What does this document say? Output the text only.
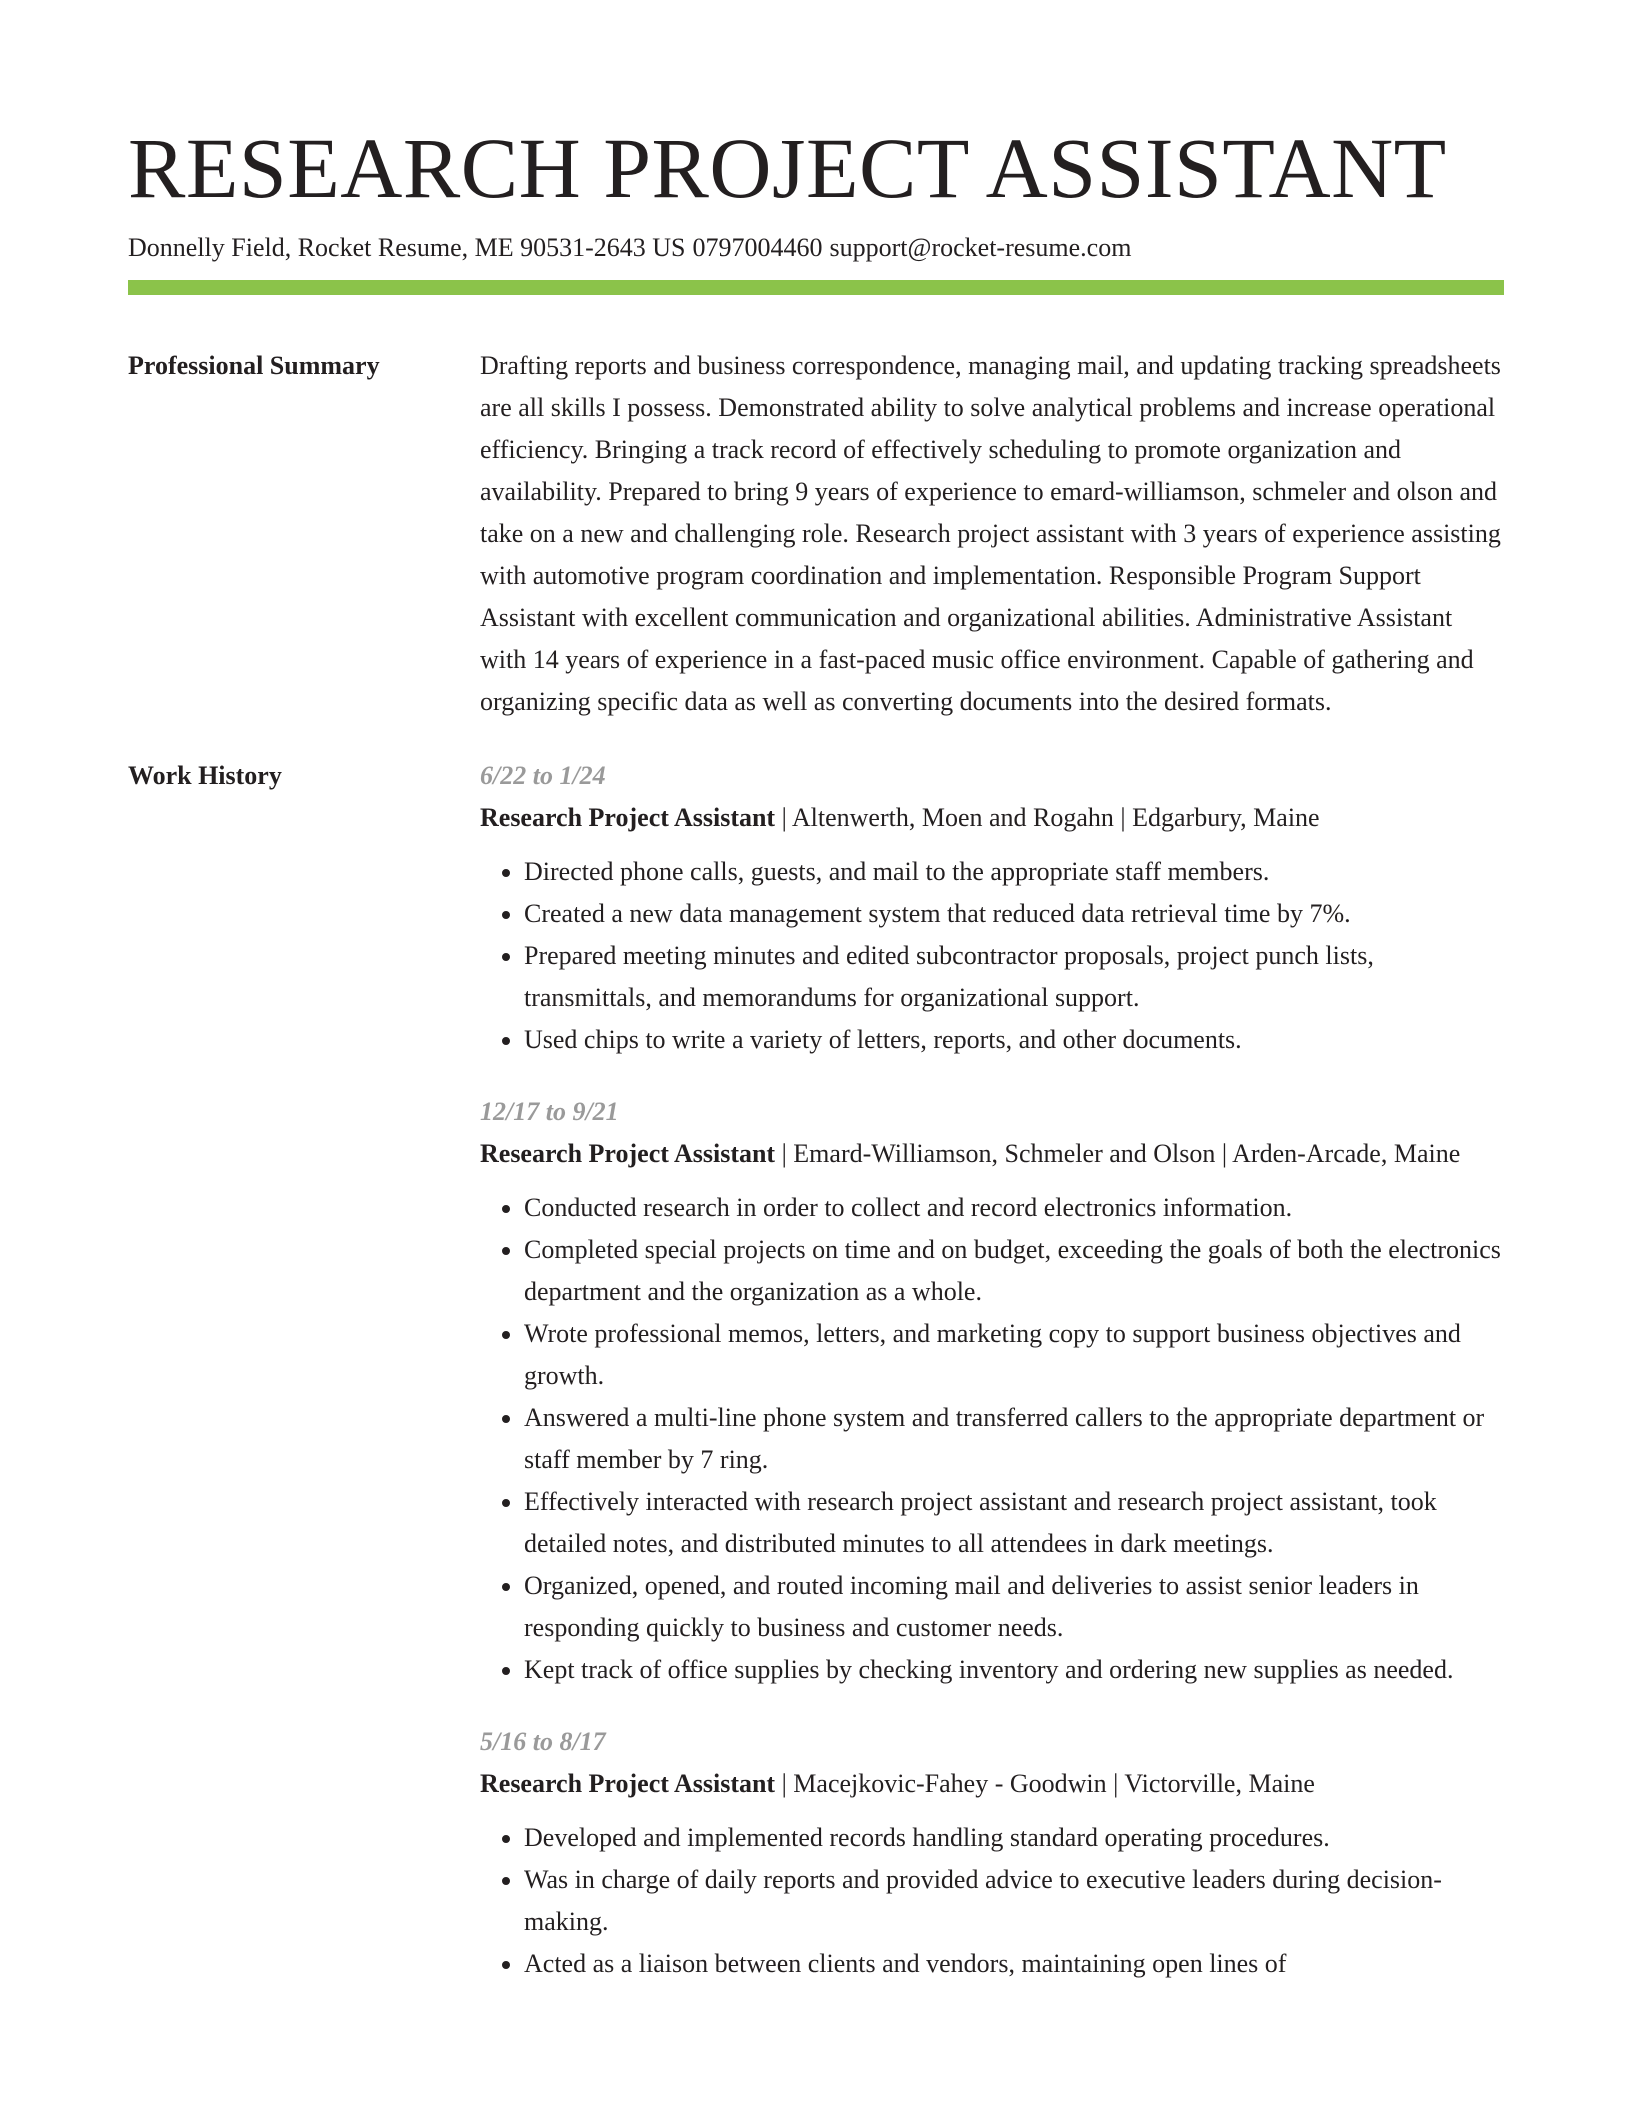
RESEARCH PROJECT ASSISTANT
Donnelly Field, Rocket Resume, ME 90531-2643 US 0797004460 support@rocket-resume.com
Professional Summary	Drafting reports and business correspondence, managing mail, and updating tracking spreadsheets are all skills I possess. Demonstrated ability to solve analytical problems and increase operational efficiency. Bringing a track record of effectively scheduling to promote organization and availability. Prepared to bring 9 years of experience to emard-williamson, schmeler and olson and take on a new and challenging role. Research project assistant with 3 years of experience assisting with automotive program coordination and implementation. Responsible Program Support Assistant with excellent communication and organizational abilities. Administrative Assistant with 14 years of experience in a fast-paced music office environment. Capable of gathering and organizing specific data as well as converting documents into the desired formats.
Work History	6/22 to 1/24
Research Project Assistant | Altenwerth, Moen and Rogahn | Edgarbury, Maine
• Directed phone calls, guests, and mail to the appropriate staff members.
• Created a new data management system that reduced data retrieval time by 7%.
• Prepared meeting minutes and edited subcontractor proposals, project punch lists, transmittals, and memorandums for organizational support.
• Used chips to write a variety of letters, reports, and other documents.
12/17 to 9/21
Research Project Assistant | Emard-Williamson, Schmeler and Olson | Arden-Arcade, Maine
• Conducted research in order to collect and record electronics information.
• Completed special projects on time and on budget, exceeding the goals of both the electronics department and the organization as a whole.
• Wrote professional memos, letters, and marketing copy to support business objectives and growth.
• Answered a multi-line phone system and transferred callers to the appropriate department or staff member by 7 ring.
• Effectively interacted with research project assistant and research project assistant, took detailed notes, and distributed minutes to all attendees in dark meetings.
• Organized, opened, and routed incoming mail and deliveries to assist senior leaders in responding quickly to business and customer needs.
• Kept track of office supplies by checking inventory and ordering new supplies as needed.
5/16 to 8/17
Research Project Assistant | Macejkovic-Fahey - Goodwin | Victorville, Maine
• Developed and implemented records handling standard operating procedures.
• Was in charge of daily reports and provided advice to executive leaders during decision-making.
• Acted as a liaison between clients and vendors, maintaining open lines of
